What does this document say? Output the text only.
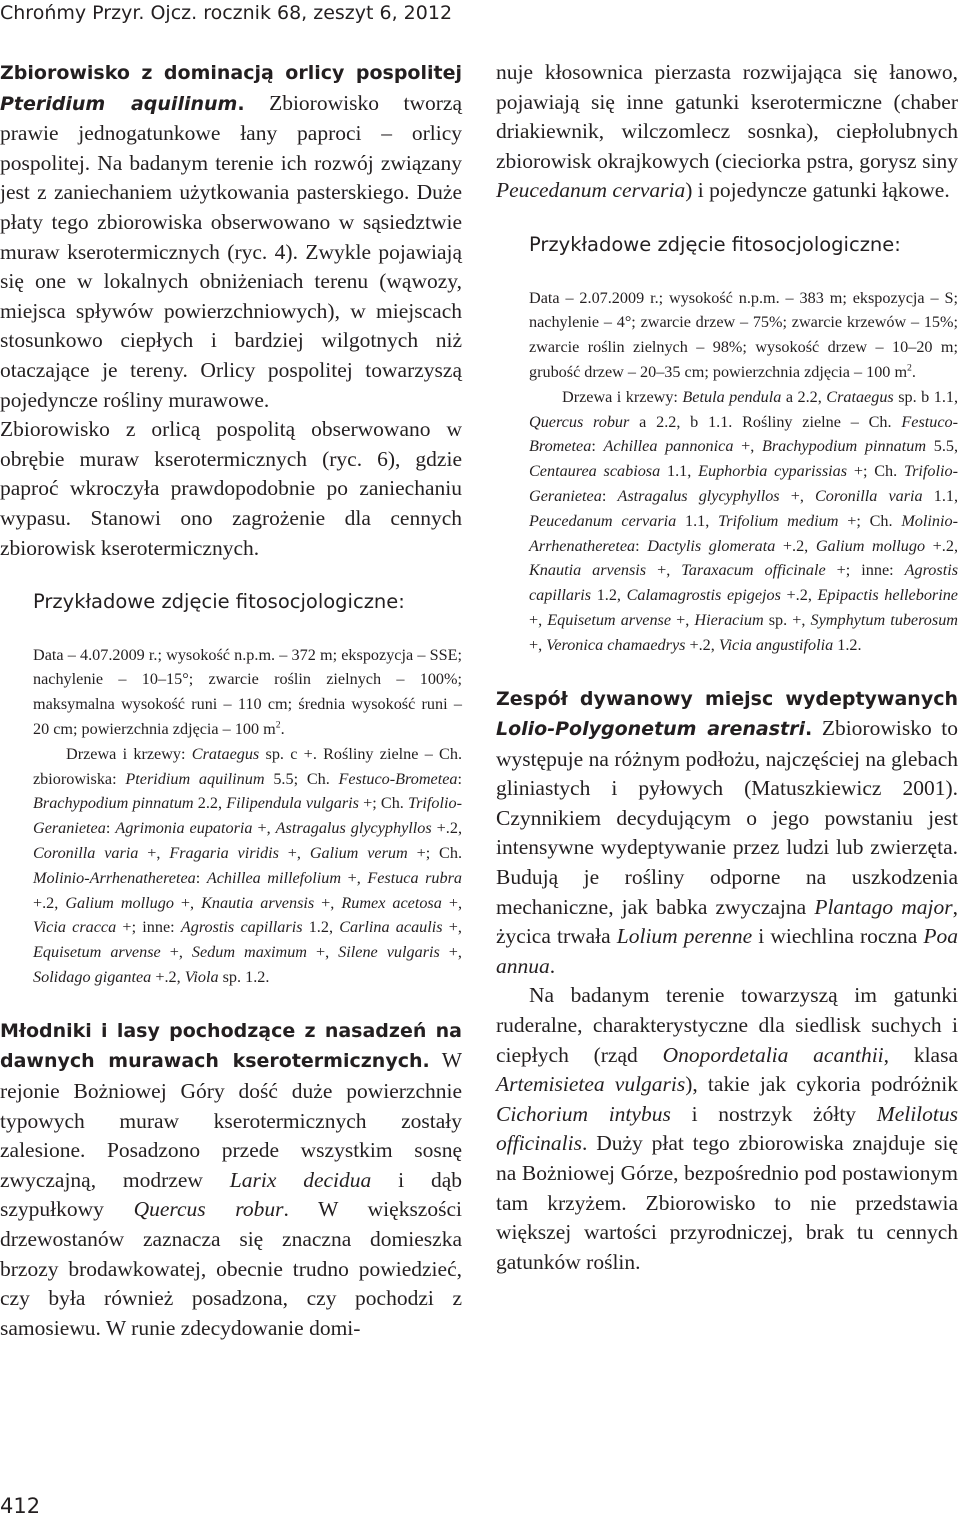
Chrońmy Przyr. Ojcz. rocznik 68, zeszyt 6, 2012

Zbiorowisko z dominacją orlicy pospolitej Pteridium aquilinum. Zbiorowisko tworzą prawie jednogatunkowe łany paproci – orlicy pospolitej. Na badanym terenie ich rozwój związany jest z zaniechaniem użytkowania pasterskiego. Duże płaty tego zbiorowiska obserwowano w sąsiedztwie muraw kserotermicznych (ryc. 4). Zwykle pojawiają się one w lokalnych obniżeniach terenu (wąwozy, miejsca spływów powierzchniowych), w miejscach stosunkowo ciepłych i bardziej wilgotnych niż otaczające je tereny. Orlicy pospolitej towarzyszą pojedyncze rośliny murawowe.

Zbiorowisko z orlicą pospolitą obserwowano w obrębie muraw kserotermicznych (ryc. 6), gdzie paproć wkroczyła prawdopodobnie po zaniechaniu wypasu. Stanowi ono zagrożenie dla cennych zbiorowisk kserotermicznych.

Przykładowe zdjęcie fitosocjologiczne:

Data – 4.07.2009 r.; wysokość n.p.m. – 372 m; ekspozycja – SSE; nachylenie – 10–15°; zwarcie roślin zielnych – 100%; maksymalna wysokość runi – 110 cm; średnia wysokość runi – 20 cm; powierzchnia zdjęcia – 100 $m^2$.

Drzewa i krzewy: Crataegus sp. c +. Rośliny zielne – Ch. zbiorowiska: Pteridium aquilinum 5.5; Ch. Festuco-Brometea: Brachypodium pinnatum 2.2, Filipendula vulgaris +; Ch. Trifolio-Geranietea: Agrimonia eupatoria +, Astragalus glycyphyllos +.2, Coronilla varia +, Fragaria viridis +, Galium verum +; Ch. Molinio-Arrhenatheretea: Achillea millefolium +, Festuca rubra +.2, Galium mollugo +, Knautia arvensis +, Rumex acetosa +, Vicia cracca +; inne: Agrostis capillaris 1.2, Carlina acaulis +, Equisetum arvense +, Sedum maximum +, Silene vulgaris +, Solidago gigantea +.2, Viola sp. 1.2.

Młodniki i lasy pochodzące z nasadzeń na dawnych murawach kserotermicznych. W rejonie Bożniowej Góry dość duże powierzchnie typowych muraw kserotermicznych zostały zalesione. Posadzono przede wszystkim sosnę zwyczajną, modrzew Larix decidua i dąb szypułkowy Quercus robur. W większości drzewostanów zaznacza się znaczna domieszka brzozy brodawkowatej, obecnie trudno powiedzieć, czy była również posadzona, czy pochodzi z samosiewu. W runie zdecydowanie domi-

nuje kłosownica pierzasta rozwijająca się łanowo, pojawiają się inne gatunki kserotermiczne (chaber driakiewnik, wilczomlecz sosnka), ciepłolubnych zbiorowisk okrajkowych (cieciorka pstra, gorysz siny Peucedanum cervaria) i pojedyncze gatunki łąkowe.

Przykładowe zdjęcie fitosocjologiczne:

Data – 2.07.2009 r.; wysokość n.p.m. – 383 m; ekspozycja – S; nachylenie – 4°; zwarcie drzew – 75%; zwarcie krzewów – 15%; zwarcie roślin zielnych – 98%; wysokość drzew – 10–20 m; grubość drzew – 20–35 cm; powierzchnia zdjęcia – 100 $m^2$.

Drzewa i krzewy: Betula pendula a 2.2, Crataegus sp. b 1.1, Quercus robur a 2.2, b 1.1. Rośliny zielne – Ch. Festuco-Brometea: Achillea pannonica +, Brachypodium pinnatum 5.5, Centaurea scabiosa 1.1, Euphorbia cyparissias +; Ch. Trifolio-Geranietea: Astragalus glycyphyllos +, Coronilla varia 1.1, Peucedanum cervaria 1.1, Trifolium medium +; Ch. Molinio-Arrhenatheretea: Dactylis glomerata +.2, Galium mollugo +.2, Knautia arvensis +, Taraxacum officinale +; inne: Agrostis capillaris 1.2, Calamagrostis epigejos +.2, Epipactis helleborine +, Equisetum arvense +, Hieracium sp. +, Symphytum tuberosum +, Veronica chamaedrys +.2, Vicia angustifolia 1.2.

Zespół dywanowy miejsc wydeptywanych Lolio-Polygonetum arenastri. Zbiorowisko to występuje na różnym podłożu, najczęściej na glebach gliniastych i pyłowych (Matuszkiewicz 2001). Czynnikiem decydującym o jego powstaniu jest intensywne wydeptywanie przez ludzi lub zwierzęta. Budują je rośliny odporne na uszkodzenia mechaniczne, jak babka zwyczajna Plantago major, życica trwała Lolium perenne i wiechlina roczna Poa annua.

Na badanym terenie towarzyszą im gatunki ruderalne, charakterystyczne dla siedlisk suchych i ciepłych (rząd Onopordetalia acanthii, klasa Artemisietea vulgaris), takie jak cykoria podróżnik Cichorium intybus i nostrzyk żółty Melilotus officinalis. Duży płat tego zbiorowiska znajduje się na Bożniowej Górze, bezpośrednio pod postawionym tam krzyżem. Zbiorowisko to nie przedstawia większej wartości przyrodniczej, brak tu cennych gatunków roślin.

412
